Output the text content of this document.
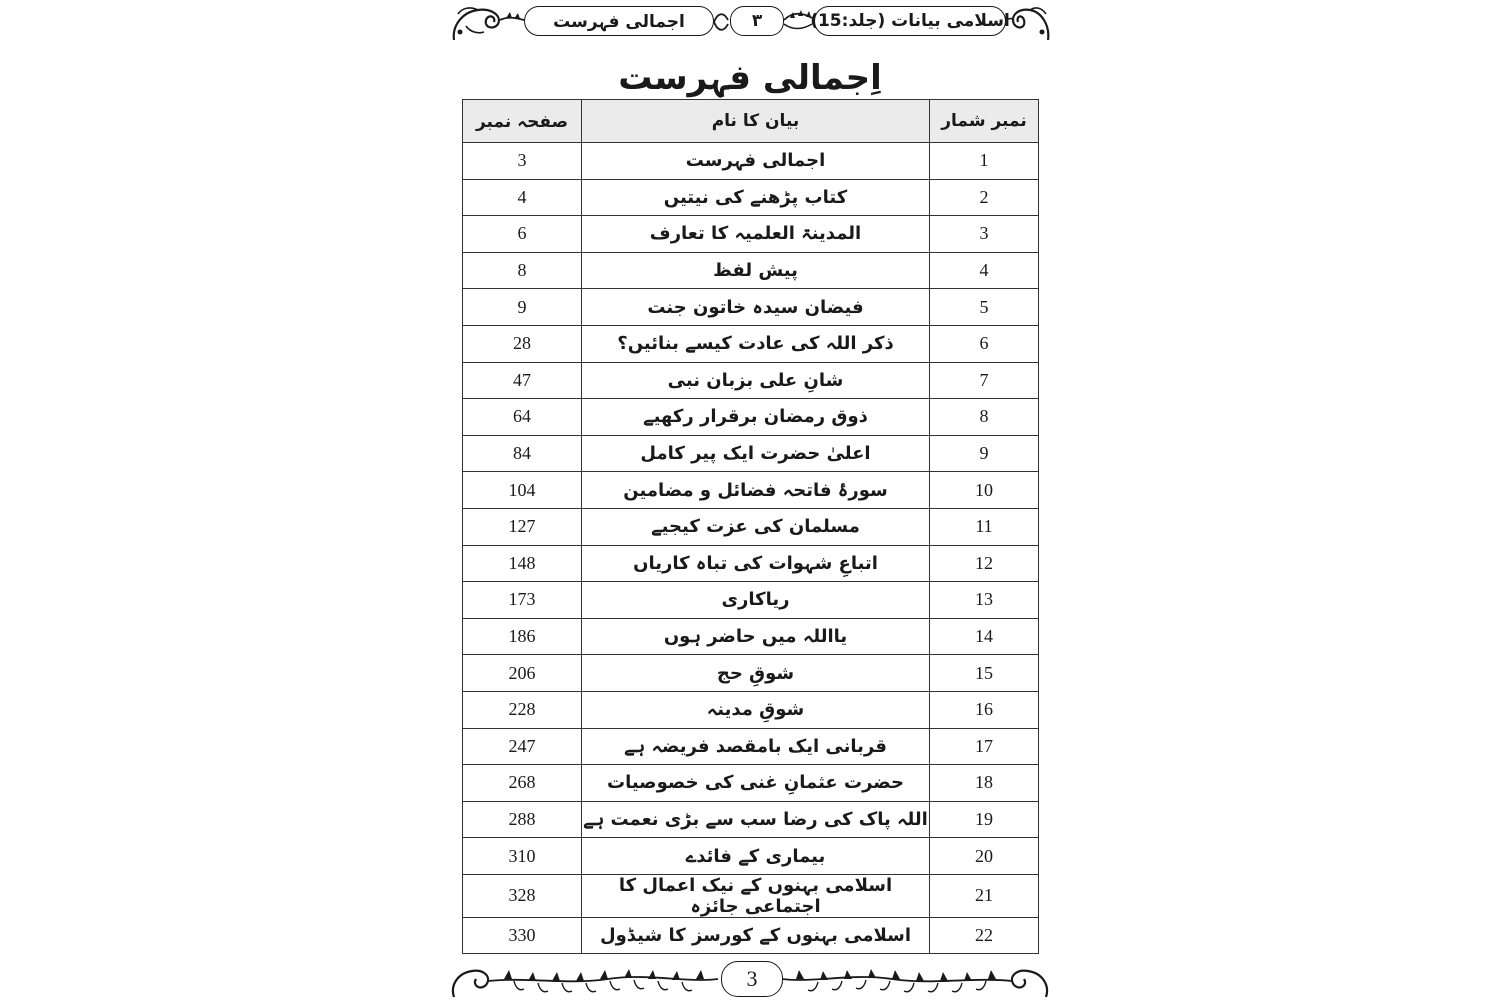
اجمالی فہرست	۳	اسلامی بیانات (جلد:15)
اِجمالی فہرست
صفحہ نمبر	بیان کا نام	نمبر شمار
3	اجمالی فہرست	1
4	کتاب پڑھنے کی نیتیں	2
6	المدینۃ العلمیہ کا تعارف	3
8	پیش لفظ	4
9	فیضان سیدہ خاتون جنت	5
28	ذکر اللہ کی عادت کیسے بنائیں؟	6
47	شانِ علی بزبان نبی	7
64	ذوق رمضان برقرار رکھیے	8
84	اعلیٰ حضرت ایک پیر کامل	9
104	سورۂ فاتحہ فضائل و مضامین	10
127	مسلمان کی عزت کیجیے	11
148	اتباعِ شہوات کی تباہ کاریاں	12
173	ریاکاری	13
186	یااللہ میں حاضر ہوں	14
206	شوقِ حج	15
228	شوقِ مدینہ	16
247	قربانی ایک بامقصد فریضہ ہے	17
268	حضرت عثمانِ غنی کی خصوصیات	18
288	اللہ پاک کی رضا سب سے بڑی نعمت ہے	19
310	بیماری کے فائدے	20
328	اسلامی بہنوں کے نیک اعمال کا اجتماعی جائزہ	21
330	اسلامی بہنوں کے کورسز کا شیڈول	22
3
